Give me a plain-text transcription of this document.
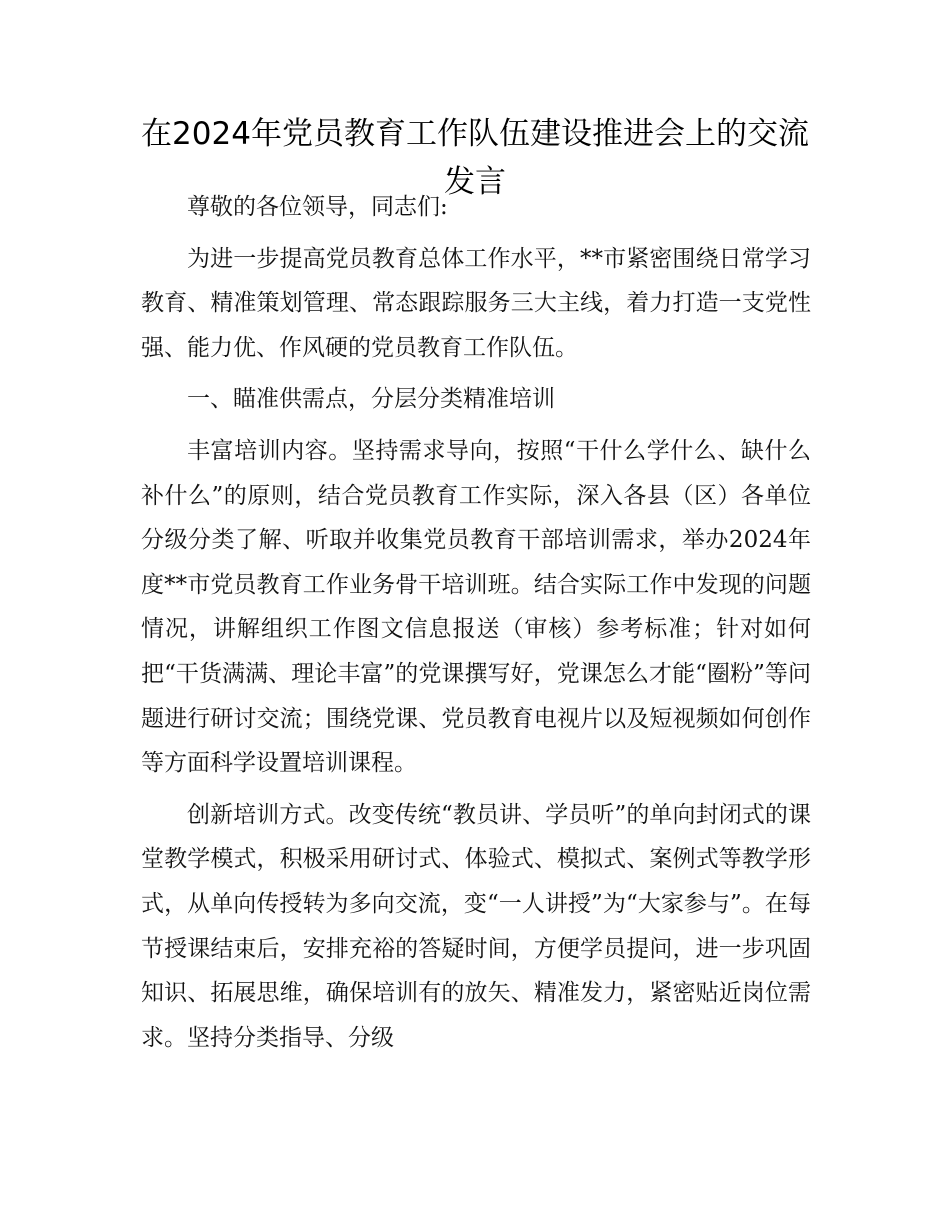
在2024年党员教育工作队伍建设推进会上的交流发言

尊敬的各位领导，同志们:

为进一步提高党员教育总体工作水平，**市紧密围绕日常学习教育、精准策划管理、常态跟踪服务三大主线，着力打造一支党性强、能力优、作风硬的党员教育工作队伍。

一、瞄准供需点，分层分类精准培训

丰富培训内容。坚持需求导向，按照“干什么学什么、缺什么补什么”的原则，结合党员教育工作实际，深入各县（区）各单位分级分类了解、听取并收集党员教育干部培训需求，举办2024年度**市党员教育工作业务骨干培训班。结合实际工作中发现的问题情况，讲解组织工作图文信息报送（审核）参考标准；针对如何把“干货满满、理论丰富”的党课撰写好，党课怎么才能“圈粉”等问题进行研讨交流；围绕党课、党员教育电视片以及短视频如何创作等方面科学设置培训课程。

创新培训方式。改变传统“教员讲、学员听”的单向封闭式的课堂教学模式，积极采用研讨式、体验式、模拟式、案例式等教学形式，从单向传授转为多向交流，变“一人讲授”为“大家参与”。在每节授课结束后，安排充裕的答疑时间，方便学员提问，进一步巩固知识、拓展思维，确保培训有的放矢、精准发力，紧密贴近岗位需求。坚持分类指导、分级
